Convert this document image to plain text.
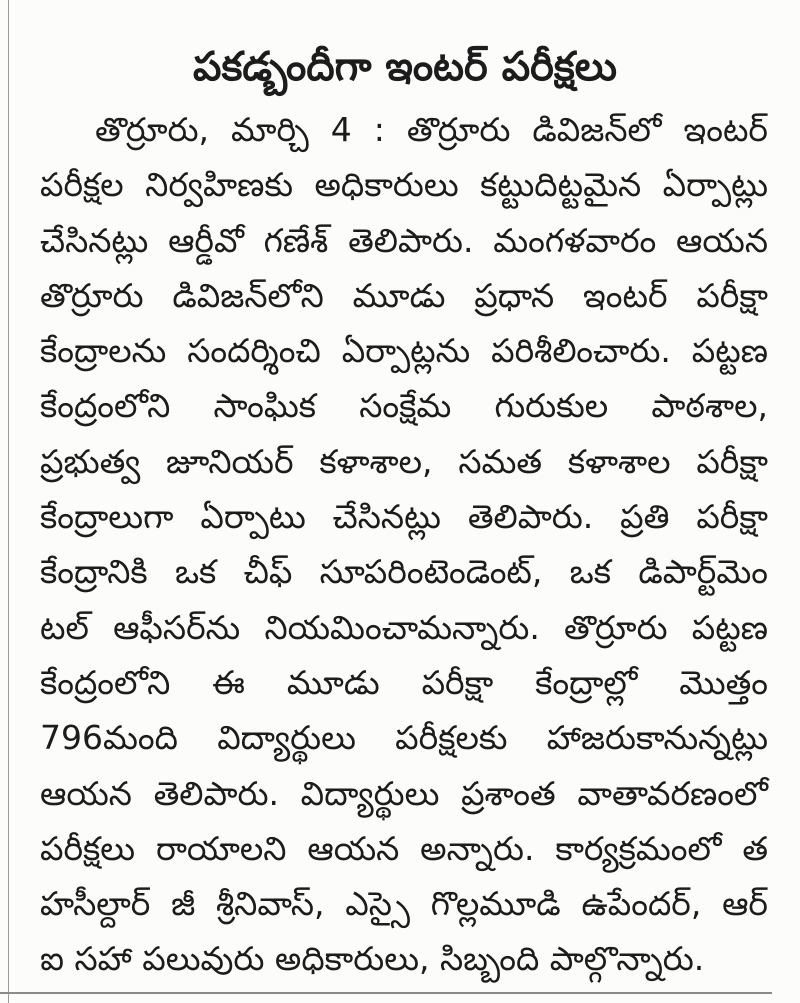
పకడ్బందీగా ఇంటర్ పరీక్షలు
తొర్రూరు, మార్చి 4 : తొర్రూరు డివిజన్‌లో ఇంటర్
పరీక్షల నిర్వహిణకు అధికారులు కట్టుదిట్టమైన ఏర్పాట్లు
చేసినట్లు ఆర్డీవో గణేశ్ తెలిపారు. మంగళవారం ఆయన
తొర్రూరు డివిజన్‌లోని మూడు ప్రధాన ఇంటర్ పరీక్షా
కేంద్రాలను సందర్శించి ఏర్పాట్లను పరిశీలించారు. పట్టణ
కేంద్రంలోని సాంఘిక సంక్షేమ గురుకుల పాఠశాల,
ప్రభుత్వ జూనియర్ కళాశాల, సమత కళాశాల పరీక్షా
కేంద్రాలుగా ఏర్పాటు చేసినట్లు తెలిపారు. ప్రతి పరీక్షా
కేంద్రానికి ఒక చీఫ్ సూపరింటెండెంట్, ఒక డిపార్ట్‌మెం
టల్ ఆఫీసర్‌ను నియమించామన్నారు. తొర్రూరు పట్టణ
కేంద్రంలోని ఈ మూడు పరీక్షా కేంద్రాల్లో మొత్తం
796మంది విద్యార్థులు పరీక్షలకు హాజరుకానున్నట్లు
ఆయన తెలిపారు. విద్యార్థులు ప్రశాంత వాతావరణంలో
పరీక్షలు రాయాలని ఆయన అన్నారు. కార్యక్రమంలో త
హసీల్దార్ జీ శ్రీనివాస్, ఎస్సై గొల్లమూడి ఉపేందర్, ఆర్
ఐ సహా పలువురు అధికారులు, సిబ్బంది పాల్గొన్నారు.
